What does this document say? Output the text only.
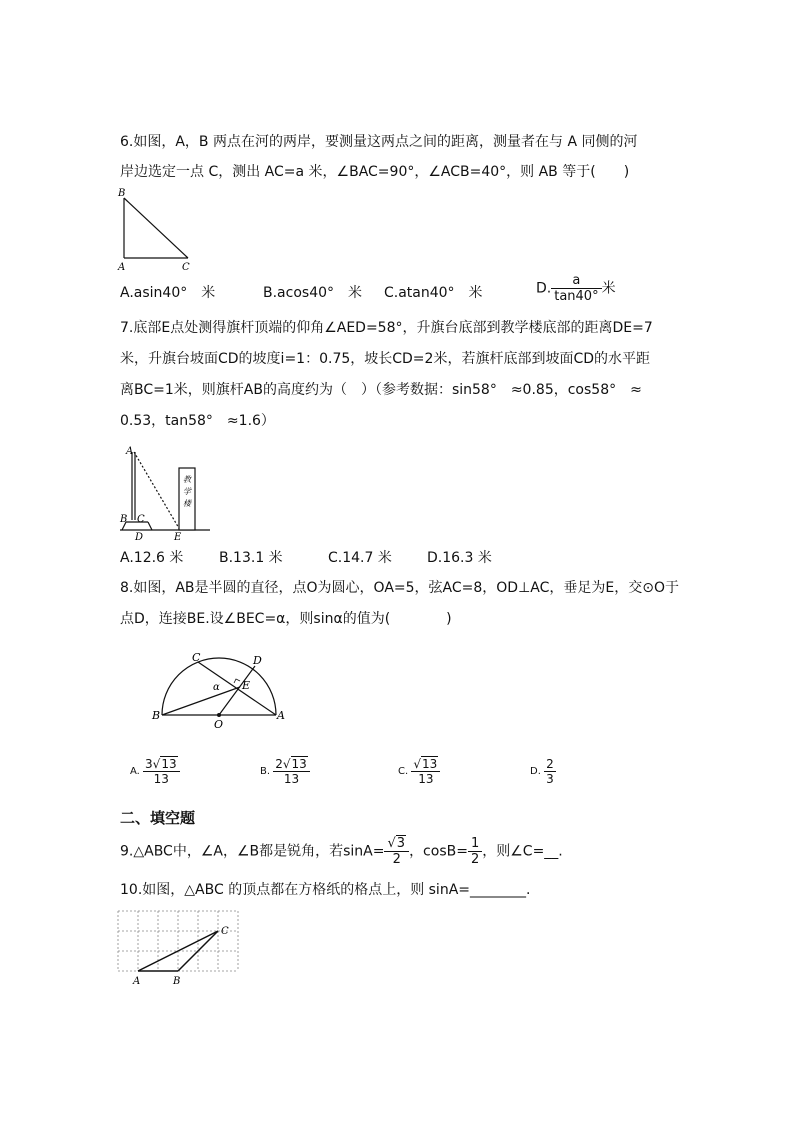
6.如图，A，B 两点在河的两岸，要测量这两点之间的距离，测量者在与 A 同侧的河
岸边选定一点 C，测出 AC=a 米，∠BAC=90°，∠ACB=40°，则 AB 等于(　　)
B
A	C
A.asin40°　米	B.acos40°　米 C.atan40°　米	D. $\frac{a}{\tan 40^\circ}$ 米
7.底部E点处测得旗杆顶端的仰角∠AED=58°，升旗台底部到教学楼底部的距离DE=7
米，升旗台坡面CD的坡度i=1：0.75，坡长CD=2米，若旗杆底部到坡面CD的水平距
离BC=1米，则旗杆AB的高度约为（　）（参考数据：sin58°　≈0.85，cos58°　≈
0.53，tan58°　≈1.6）
教
学
楼
A
B C
D	E
A.12.6 米	B.13.1 米	C.14.7 米	D.16.3 米
8.如图，AB是半圆的直径，点O为圆心，OA=5，弦AC=8，OD⊥AC，垂足为E，交⊙O于
点D，连接BE.设∠BEC=α，则sinα的值为(　　　　)
C	D
E
B	A
O
α
A. $\frac{3√13}{13}$	B. $\frac{2√13}{13}$	C. $\frac{√13}{13}$	D. $\frac{2}{3}$
二、填空题
9.△ABC中，∠A，∠B都是锐角，若$\sin A= \frac{√3}{2}$ ，$\cos B= \frac{1}{2}$ ，则∠C=__.
10.如图，△ABC 的顶点都在方格纸的格点上，则 sinA=________.
A	B
C
